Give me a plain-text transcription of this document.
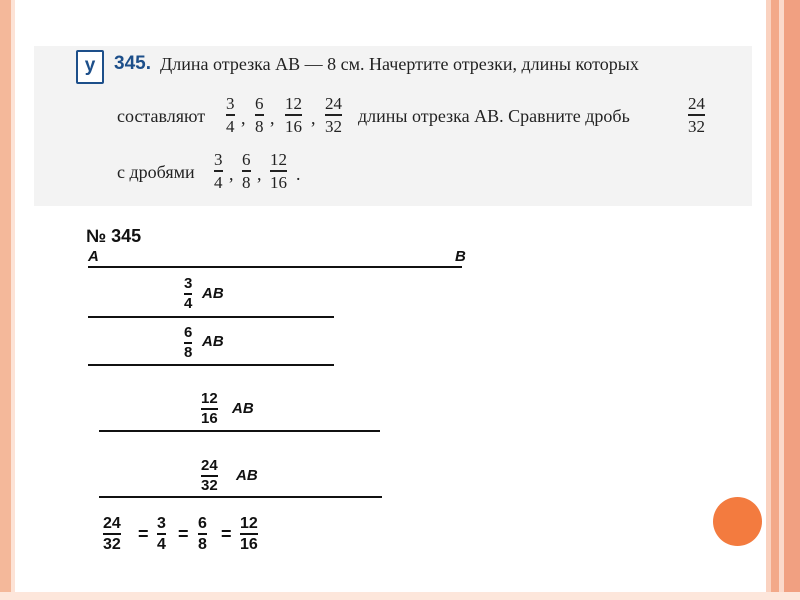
у 345. Длина отрезка AB — 8 см. Начертите отрезки, длины которых
составляют
3
4 ,
6
8 ,
12
16 ,
24
32 длины отрезка AB. Сравните дробь
24
32
с дробями
3
4 ,
6
8 ,
12
16 .
№ 345
A	B
3
4
AB
6
8
AB
12
16
AB
24
32
AB
24
32
=
3
4
=
6
8
=
12
16
